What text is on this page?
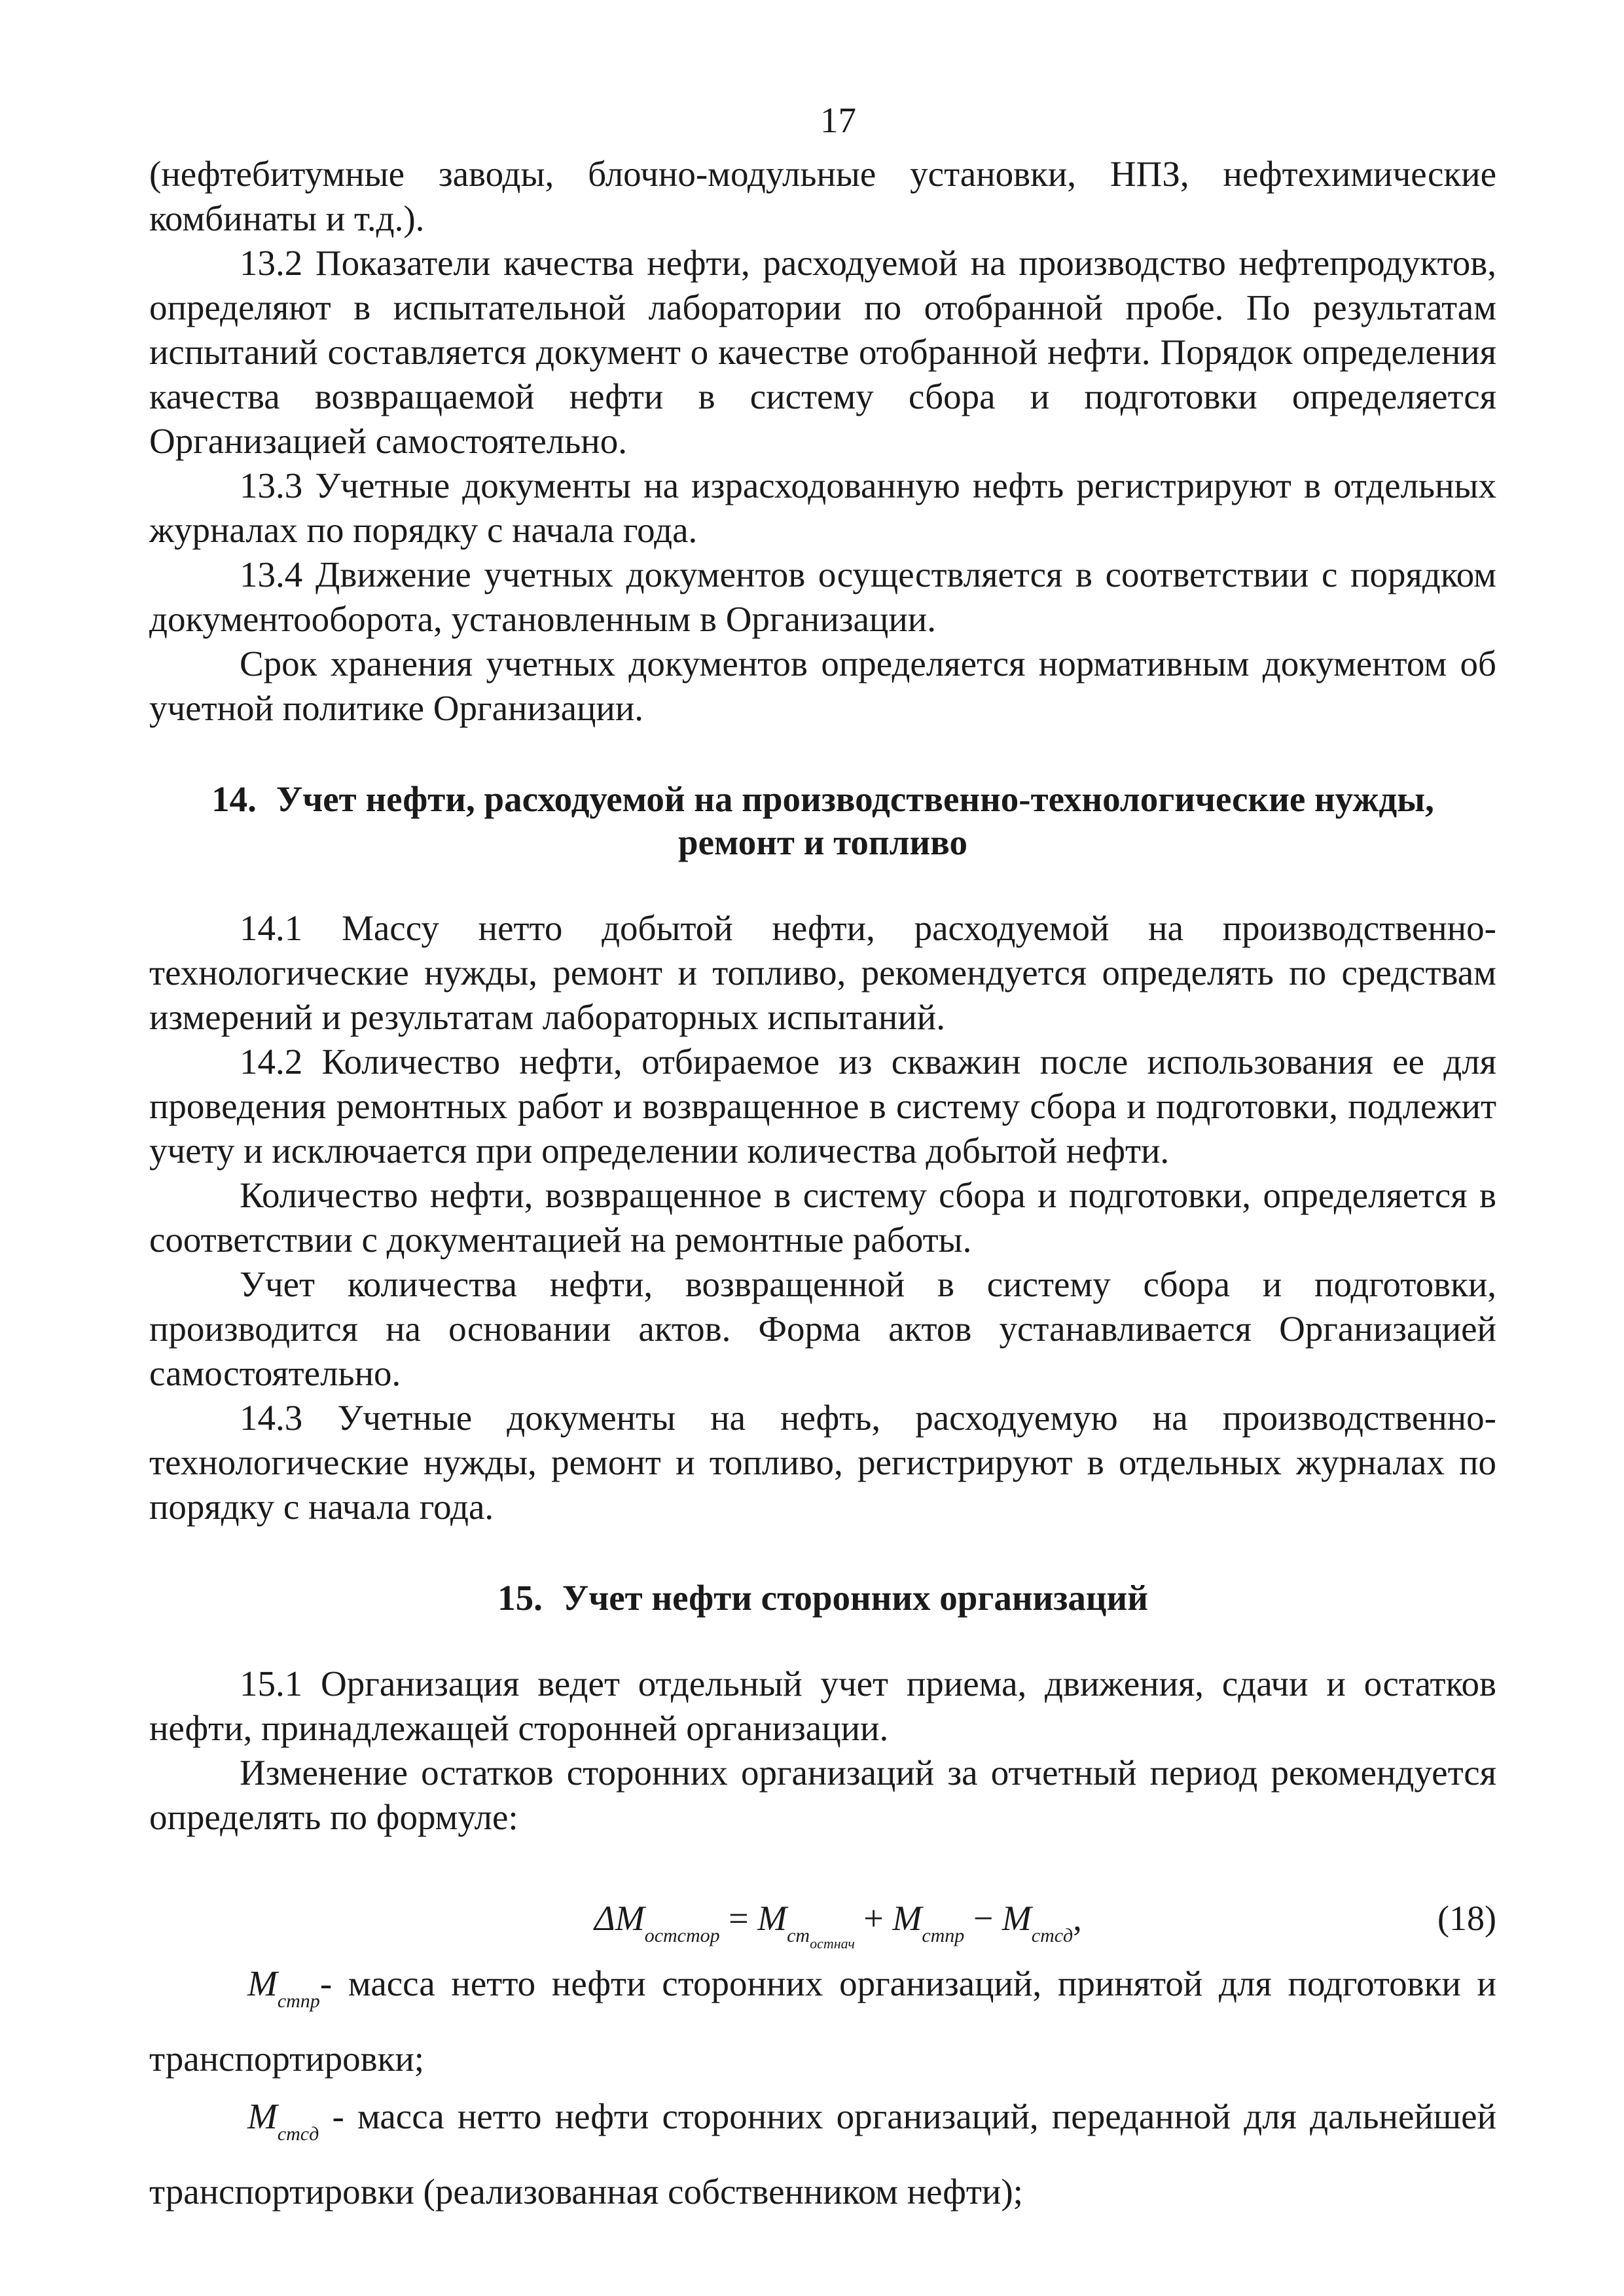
17

(нефтебитумные заводы, блочно-модульные установки, НПЗ, нефтехимические комбинаты и т.д.).

13.2 Показатели качества нефти, расходуемой на производство нефтепродуктов, определяют в испытательной лаборатории по отобранной пробе. По результатам испытаний составляется документ о качестве отобранной нефти. Порядок определения качества возвращаемой нефти в систему сбора и подготовки определяется Организацией самостоятельно.

13.3 Учетные документы на израсходованную нефть регистрируют в отдельных журналах по порядку с начала года.

13.4 Движение учетных документов осуществляется в соответствии с порядком документооборота, установленным в Организации.

Срок хранения учетных документов определяется нормативным документом об учетной политике Организации.

14. Учет нефти, расходуемой на производственно-технологические нужды, ремонт и топливо

14.1 Массу нетто добытой нефти, расходуемой на производственно-технологические нужды, ремонт и топливо, рекомендуется определять по средствам измерений и результатам лабораторных испытаний.

14.2 Количество нефти, отбираемое из скважин после использования ее для проведения ремонтных работ и возвращенное в систему сбора и подготовки, подлежит учету и исключается при определении количества добытой нефти.

Количество нефти, возвращенное в систему сбора и подготовки, определяется в соответствии с документацией на ремонтные работы.

Учет количества нефти, возвращенной в систему сбора и подготовки, производится на основании актов. Форма актов устанавливается Организацией самостоятельно.

14.3 Учетные документы на нефть, расходуемую на производственно-технологические нужды, ремонт и топливо, регистрируют в отдельных журналах по порядку с начала года.

15. Учет нефти сторонних организаций

15.1 Организация ведет отдельный учет приема, движения, сдачи и остатков нефти, принадлежащей сторонней организации.

Изменение остатков сторонних организаций за отчетный период рекомендуется определять по формуле:

$\Delta M_{остстор} = M_{ст_{остнач}} + M_{стпр} - M_{стсд}$,	(18)

$M_{стпр}-$ масса нетто нефти сторонних организаций, принятой для подготовки и транспортировки;

$M_{стсд}$ - масса нетто нефти сторонних организаций, переданной для дальнейшей транспортировки (реализованная собственником нефти);
